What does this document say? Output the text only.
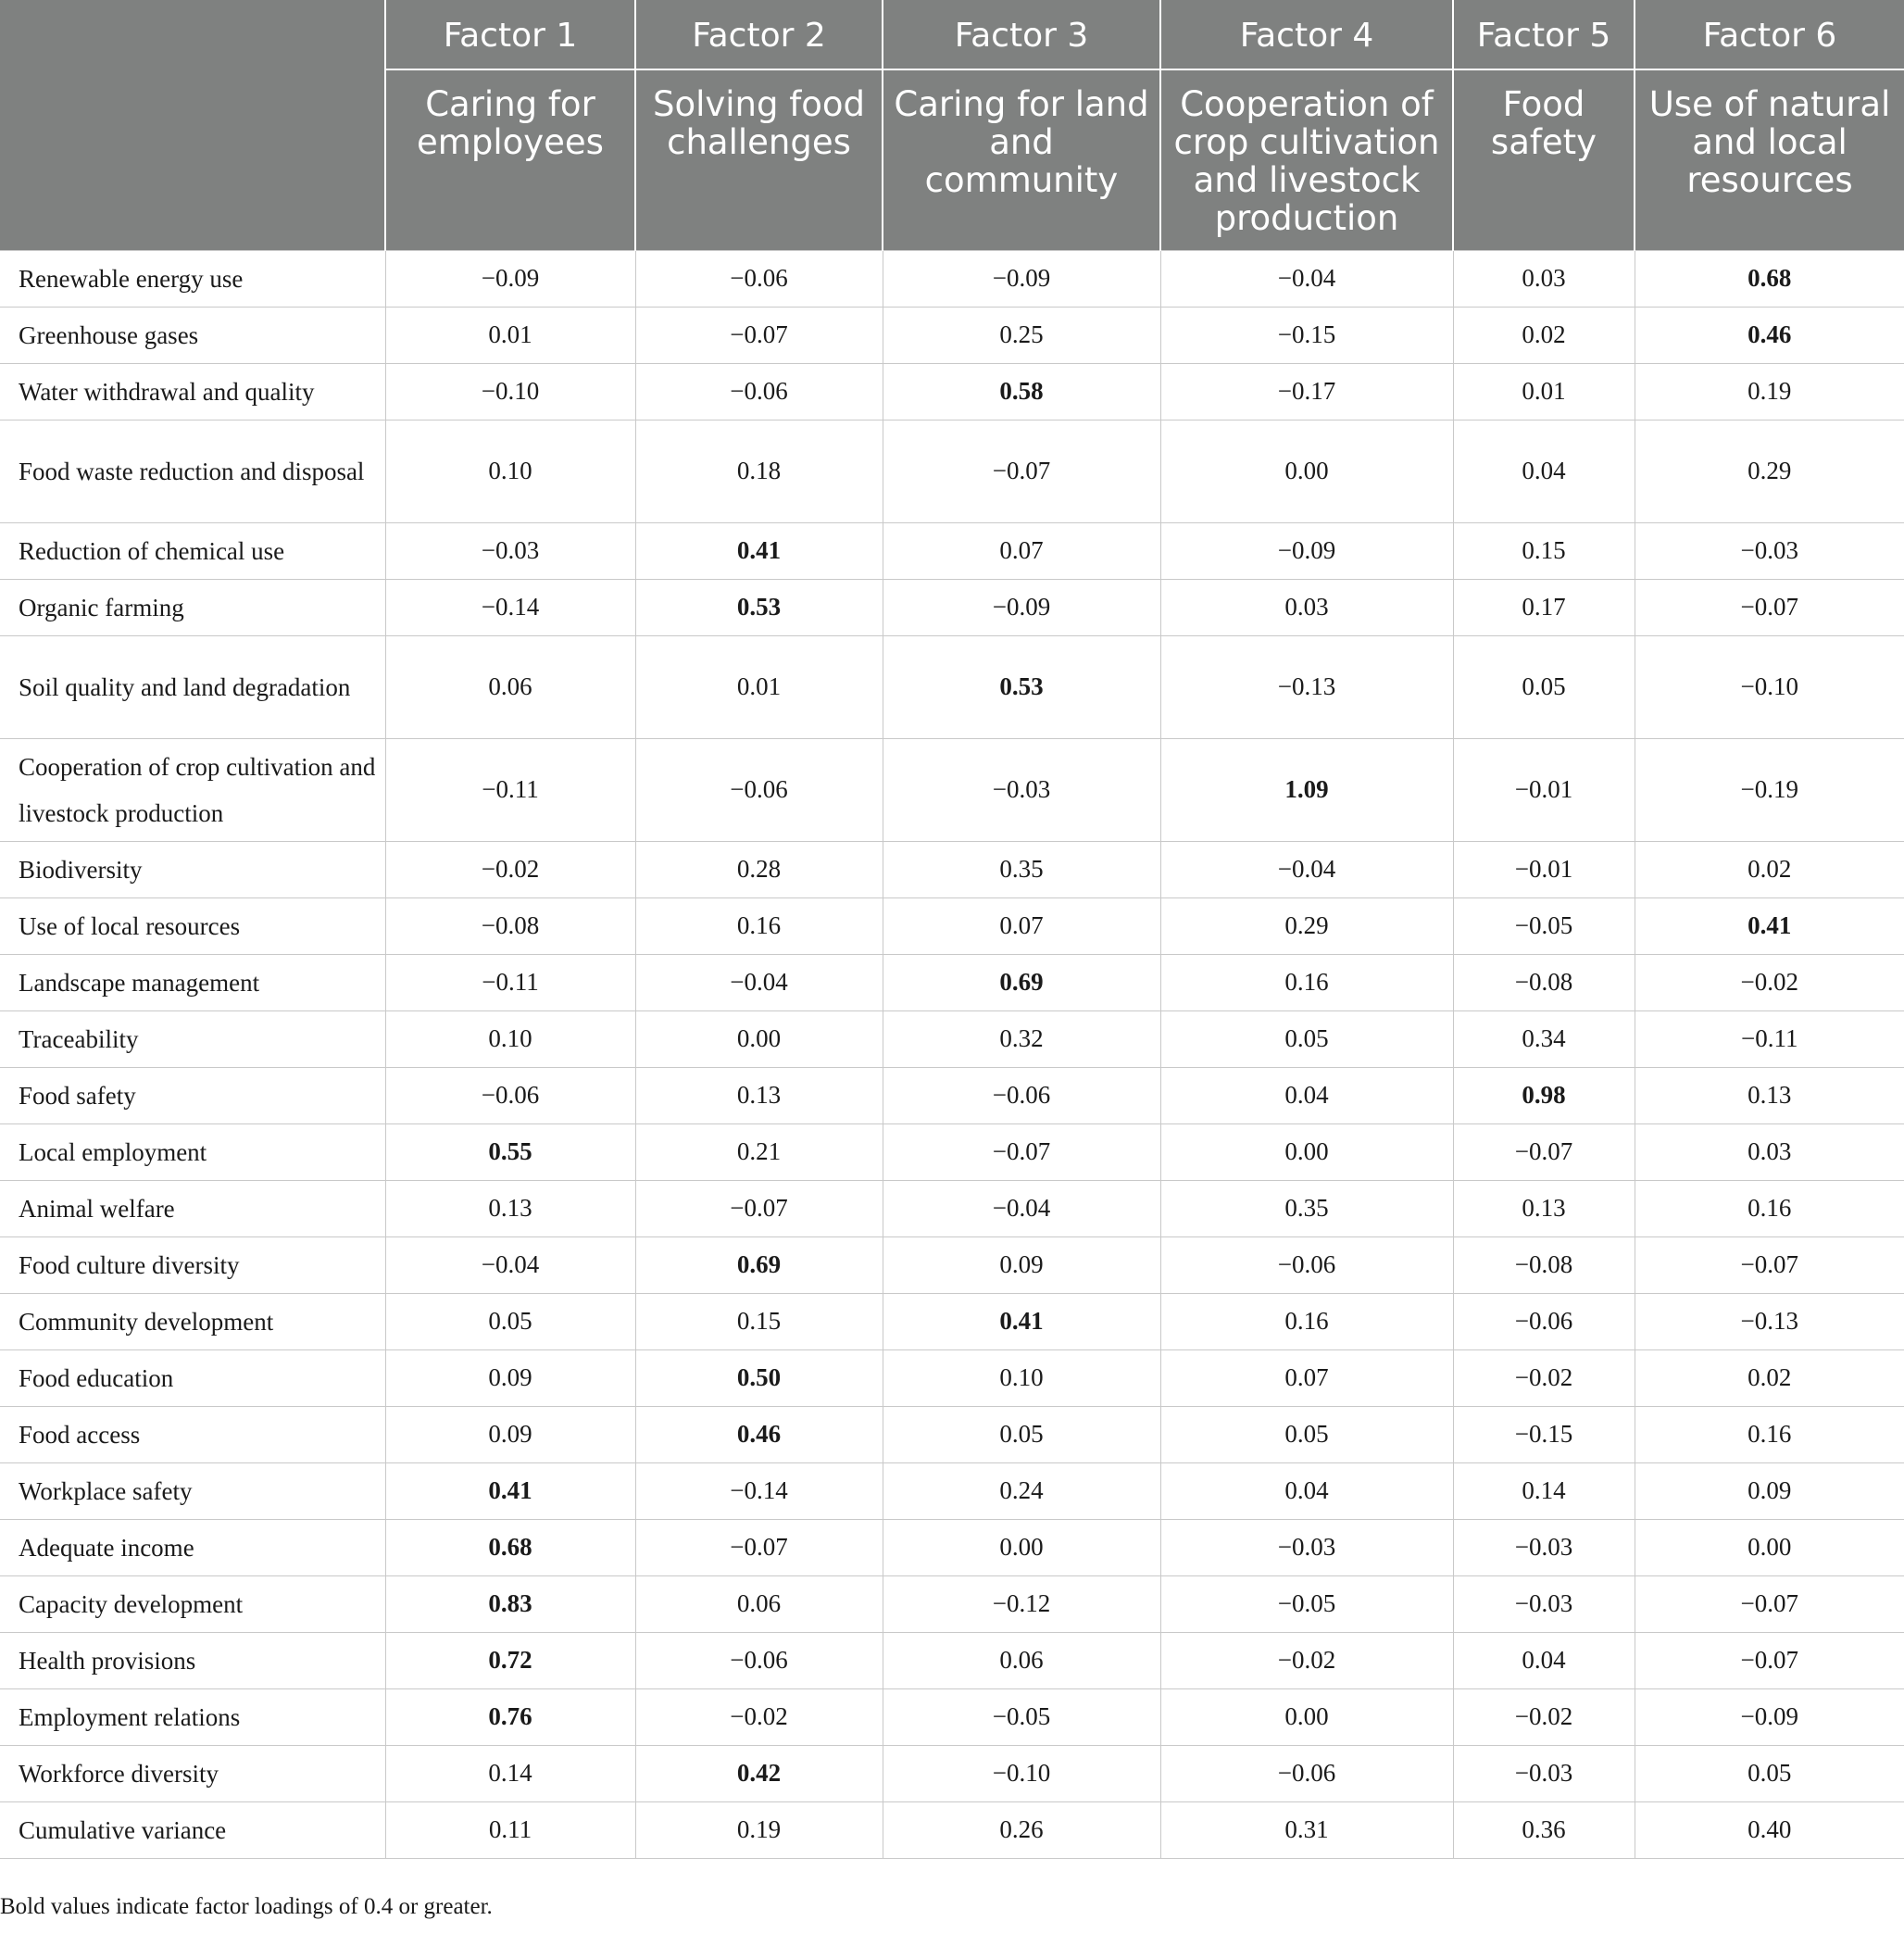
	Factor 1	Factor 2	Factor 3	Factor 4	Factor 5	Factor 6
	Caring for employees	Solving food challenges	Caring for land and community	Cooperation of crop cultivation and livestock production	Food safety	Use of natural and local resources
Renewable energy use	−0.09	−0.06	−0.09	−0.04	0.03	0.68
Greenhouse gases	0.01	−0.07	0.25	−0.15	0.02	0.46
Water withdrawal and quality	−0.10	−0.06	0.58	−0.17	0.01	0.19
Food waste reduction and disposal	0.10	0.18	−0.07	0.00	0.04	0.29
Reduction of chemical use	−0.03	0.41	0.07	−0.09	0.15	−0.03
Organic farming	−0.14	0.53	−0.09	0.03	0.17	−0.07
Soil quality and land degradation	0.06	0.01	0.53	−0.13	0.05	−0.10
Cooperation of crop cultivation and livestock production	−0.11	−0.06	−0.03	1.09	−0.01	−0.19
Biodiversity	−0.02	0.28	0.35	−0.04	−0.01	0.02
Use of local resources	−0.08	0.16	0.07	0.29	−0.05	0.41
Landscape management	−0.11	−0.04	0.69	0.16	−0.08	−0.02
Traceability	0.10	0.00	0.32	0.05	0.34	−0.11
Food safety	−0.06	0.13	−0.06	0.04	0.98	0.13
Local employment	0.55	0.21	−0.07	0.00	−0.07	0.03
Animal welfare	0.13	−0.07	−0.04	0.35	0.13	0.16
Food culture diversity	−0.04	0.69	0.09	−0.06	−0.08	−0.07
Community development	0.05	0.15	0.41	0.16	−0.06	−0.13
Food education	0.09	0.50	0.10	0.07	−0.02	0.02
Food access	0.09	0.46	0.05	0.05	−0.15	0.16
Workplace safety	0.41	−0.14	0.24	0.04	0.14	0.09
Adequate income	0.68	−0.07	0.00	−0.03	−0.03	0.00
Capacity development	0.83	0.06	−0.12	−0.05	−0.03	−0.07
Health provisions	0.72	−0.06	0.06	−0.02	0.04	−0.07
Employment relations	0.76	−0.02	−0.05	0.00	−0.02	−0.09
Workforce diversity	0.14	0.42	−0.10	−0.06	−0.03	0.05
Cumulative variance	0.11	0.19	0.26	0.31	0.36	0.40
Bold values indicate factor loadings of 0.4 or greater.
